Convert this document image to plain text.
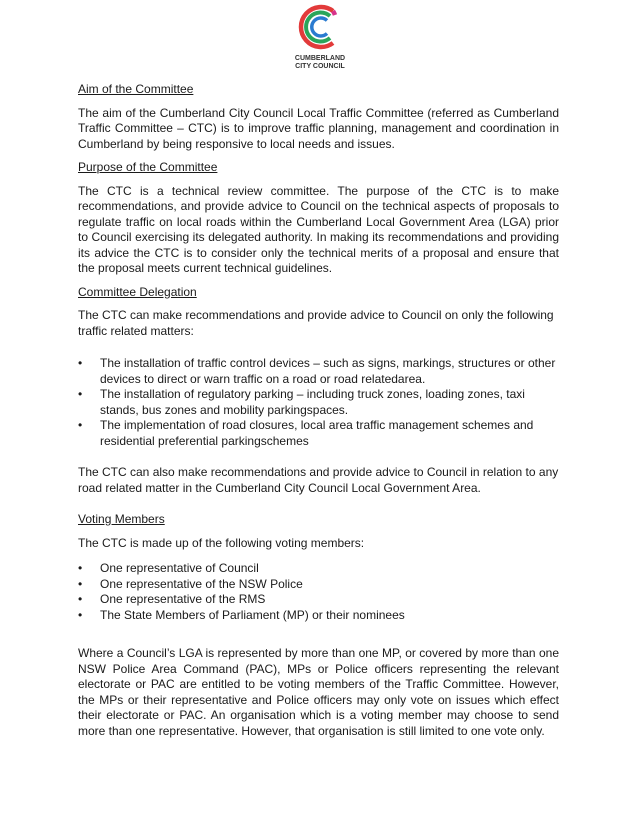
CUMBERLAND
CITY COUNCIL
Aim of the Committee

The aim of the Cumberland City Council Local Traffic Committee (referred as Cumberland Traffic Committee – CTC) is to improve traffic planning, management and coordination in Cumberland by being responsive to local needs and issues.

Purpose of the Committee

The CTC is a technical review committee. The purpose of the CTC is to make recommendations, and provide advice to Council on the technical aspects of proposals to regulate traffic on local roads within the Cumberland Local Government Area (LGA) prior to Council exercising its delegated authority. In making its recommendations and providing its advice the CTC is to consider only the technical merits of a proposal and ensure that the proposal meets current technical guidelines.

Committee Delegation

The CTC can make recommendations and provide advice to Council on only the following traffic related matters:

• The installation of traffic control devices – such as signs, markings, structures or other devices to direct or warn traffic on a road or road relatedarea.
• The installation of regulatory parking – including truck zones, loading zones, taxi stands, bus zones and mobility parkingspaces.
• The implementation of road closures, local area traffic management schemes and residential preferential parkingschemes

The CTC can also make recommendations and provide advice to Council in relation to any road related matter in the Cumberland City Council Local Government Area.

Voting Members

The CTC is made up of the following voting members:

• One representative of Council
• One representative of the NSW Police
• One representative of the RMS
• The State Members of Parliament (MP) or their nominees

Where a Council’s LGA is represented by more than one MP, or covered by more than one NSW Police Area Command (PAC), MPs or Police officers representing the relevant electorate or PAC are entitled to be voting members of the Traffic Committee. However, the MPs or their representative and Police officers may only vote on issues which effect their electorate or PAC. An organisation which is a voting member may choose to send more than one representative. However, that organisation is still limited to one vote only.
